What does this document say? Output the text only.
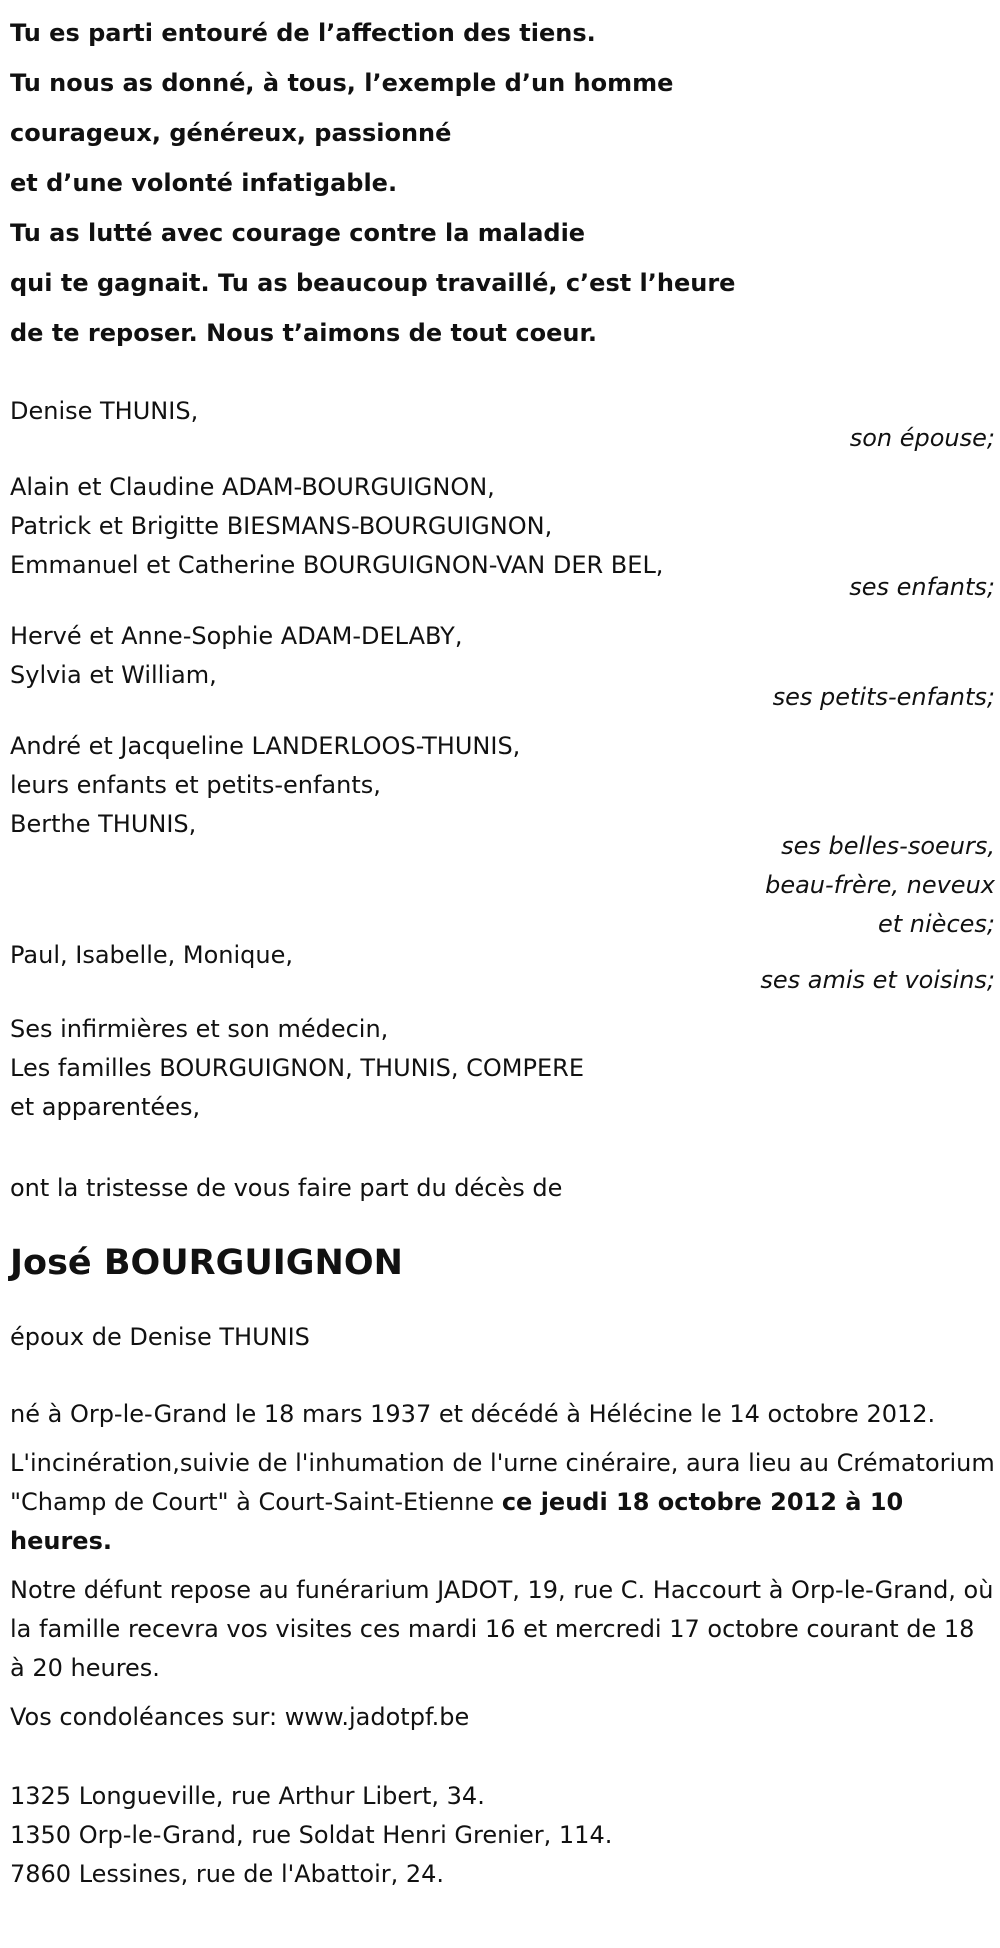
Tu es parti entouré de l’affection des tiens.
Tu nous as donné, à tous, l’exemple d’un homme
courageux, généreux, passionné
et d’une volonté infatigable.
Tu as lutté avec courage contre la maladie
qui te gagnait. Tu as beaucoup travaillé, c’est l’heure
de te reposer. Nous t’aimons de tout coeur.
Denise THUNIS,
son épouse;
Alain et Claudine ADAM-BOURGUIGNON,
Patrick et Brigitte BIESMANS-BOURGUIGNON,
Emmanuel et Catherine BOURGUIGNON-VAN DER BEL,
ses enfants;
Hervé et Anne-Sophie ADAM-DELABY,
Sylvia et William,
ses petits-enfants;
André et Jacqueline LANDERLOOS-THUNIS,
leurs enfants et petits-enfants,
Berthe THUNIS,
ses belles-soeurs,
beau-frère, neveux
et nièces;
Paul, Isabelle, Monique,
ses amis et voisins;
Ses infirmières et son médecin,
Les familles BOURGUIGNON, THUNIS, COMPERE
et apparentées,
ont la tristesse de vous faire part du décès de
José BOURGUIGNON
époux de Denise THUNIS
né à Orp-le-Grand le 18 mars 1937 et décédé à Hélécine le 14 octobre 2012.
L'incinération,suivie de l'inhumation de l'urne cinéraire, aura lieu au Crématorium "Champ de Court" à Court-Saint-Etienne ce jeudi 18 octobre 2012 à 10 heures.
Notre défunt repose au funérarium JADOT, 19, rue C. Haccourt à Orp-le-Grand, où la famille recevra vos visites ces mardi 16 et mercredi 17 octobre courant de 18 à 20 heures.
Vos condoléances sur: www.jadotpf.be
1325 Longueville, rue Arthur Libert, 34.
1350 Orp-le-Grand, rue Soldat Henri Grenier, 114.
7860 Lessines, rue de l'Abattoir, 24.
